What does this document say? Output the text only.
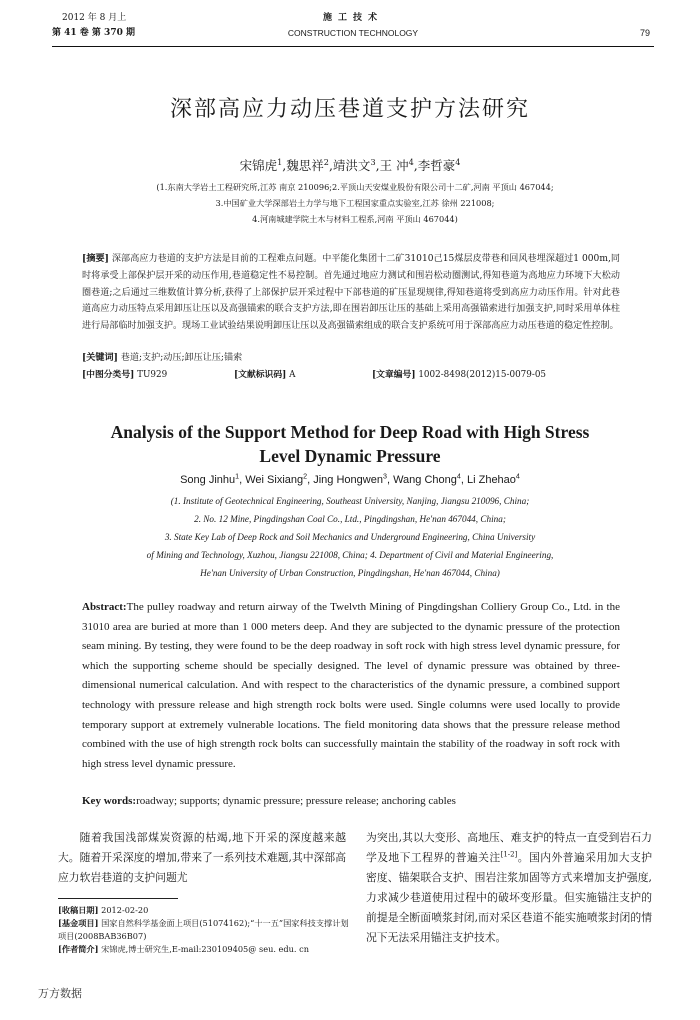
2012 年 8 月上
第 41 卷 第 370 期
施工技术
CONSTRUCTION TECHNOLOGY	79
深部高应力动压巷道支护方法研究
宋锦虎$^1$,魏思祥$^2$,靖洪文$^3$,王 冲$^4$,李哲豪$^4$
(1.东南大学岩土工程研究所,江苏 南京 210096;2.平顶山天安煤业股份有限公司十二矿,河南 平顶山 467044;
3.中国矿业大学深部岩土力学与地下工程国家重点实验室,江苏 徐州 221008;
4.河南城建学院土木与材料工程系,河南 平顶山 467044)
[摘要] 深部高应力巷道的支护方法是目前的工程难点问题。中平能化集团十二矿31010己15煤层皮带巷和回风巷埋深超过1 000m,同时将承受上部保护层开采的动压作用,巷道稳定性不易控制。首先通过地应力测试和围岩松动圈测试,得知巷道为高地应力环境下大松动圈巷道;之后通过三维数值计算分析,获得了上部保护层开采过程中下部巷道的矿压显现规律,得知巷道将受到高应力动压作用。针对此巷道高应力动压特点采用卸压让压以及高强锚索的联合支护方法,即在围岩卸压让压的基础上采用高强锚索进行加强支护,同时采用单体柱进行局部临时加强支护。现场工业试验结果说明卸压让压以及高强锚索组成的联合支护系统可用于深部高应力动压巷道的稳定性控制。
[关键词] 巷道;支护;动压;卸压让压;锚索
[中图分类号] TU929	[文献标识码] A	[文章编号] 1002-8498(2012)15-0079-05
Analysis of the Support Method for Deep Road with High Stress
Level Dynamic Pressure
Song Jinhu$^1$, Wei Sixiang$^2$, Jing Hongwen$^3$, Wang Chong$^4$, Li Zhehao$^4$
(1. Institute of Geotechnical Engineering, Southeast University, Nanjing, Jiangsu 210096, China;
2. No. 12 Mine, Pingdingshan Coal Co., Ltd., Pingdingshan, He'nan 467044, China;
3. State Key Lab of Deep Rock and Soil Mechanics and Underground Engineering, China University
of Mining and Technology, Xuzhou, Jiangsu 221008, China; 4. Department of Civil and Material Engineering,
He'nan University of Urban Construction, Pingdingshan, He'nan 467044, China)
Abstract:The pulley roadway and return airway of the Twelvth Mining of Pingdingshan Colliery Group Co., Ltd. in the 31010 area are buried at more than 1 000 meters deep. And they are subjected to the dynamic pressure of the protection seam mining. By testing, they were found to be the deep roadway in soft rock with high stress level dynamic pressure, for which the supporting scheme should be specially designed. The level of dynamic pressure was obtained by three-dimensional numerical calculation. And with respect to the characteristics of the dynamic pressure, a combined support technology with pressure release and high strength rock bolts were used. Single columns were used locally to provide temporary support at extremely vulnerable locations. The field monitoring data shows that the pressure release method combined with the use of high strength rock bolts can successfully maintain the stability of the roadway in soft rock with high stress level dynamic pressure.
Key words:roadway; supports; dynamic pressure; pressure release; anchoring cables
随着我国浅部煤炭资源的枯竭,地下开采的深度越来越大。随着开采深度的增加,带来了一系列技术难题,其中深部高应力软岩巷道的支护问题尤
为突出,其以大变形、高地压、难支护的特点一直受到岩石力学及地下工程界的普遍关注[1-2]。国内外普遍采用加大支护密度、锚架联合支护、围岩注浆加固等方式来增加支护强度,力求减少巷道使用过程中的破坏变形量。但实施锚注支护的前提是全断面喷浆封闭,而对采区巷道不能实施喷浆封闭的情况下无法采用锚注支护技术。
[收稿日期] 2012-02-20
[基金项目] 国家自然科学基金面上项目(51074162);“十一五”国家科技支撑计划项目(2008BAB36B07)
[作者简介] 宋锦虎,博士研究生,E-mail:230109405@ seu. edu. cn
万方数据
